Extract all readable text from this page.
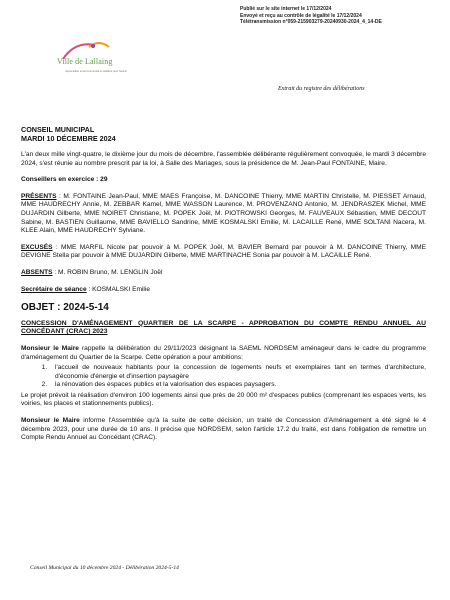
Publié sur le site internet le 17/12/2024
Envoyé et reçu au contrôle de légalité le 17/12/2024
Télétransmission n°059-215903279-20240930-2024_4_14-DE
Ville de Lallaing
responsable environnemental et solidaire pour l'avenir
Extrait du registre des délibérations

CONSEIL MUNICIPAL

MARDI 10 DÉCEMBRE 2024

L'an deux mille vingt-quatre, le dixième jour du mois de décembre, l'assemblée délibérante régulièrement convoquée, le mardi 3 décembre 2024, s'est réunie au nombre prescrit par la loi, à Salle des Mariages, sous la présidence de M. Jean-Paul FONTAINE, Maire.

Conseillers en exercice : 29

PRÉSENTS : M. FONTAINE Jean-Paul, MME MAES Françoise, M. DANCOINE Thierry, MME MARTIN Christelle, M. PIESSET Arnaud, MME HAUDRECHY Annie, M. ZEBBAR Kamel, MME WASSON Laurence, M. PROVENZANO Antonio, M. JENDRASZEK Michel, MME DUJARDIN Gilberte, MME NOIRET Christiane, M. POPEK Joël, M. PIOTROWSKI Georges, M. FAUVEAUX Sébastien, MME DECOUT Sabine, M. BASTIEN Guillaume, MME BAVIELLO Sandrine, MME KOSMALSKI Emilie, M. LACAILLE René, MME SOLTANI Nacera, M. KLEE Alain, MME HAUDRECHY Sylviane.

EXCUSÉS : MME MARFIL Nicole par pouvoir à M. POPEK Joël, M. BAVIER Bernard par pouvoir à M. DANCOINE Thierry, MME DEVIGNE Stella par pouvoir à MME DUJARDIN Gilberte, MME MARTINACHE Sonia par pouvoir à M. LACAILLE René.

ABSENTS : M. ROBIN Bruno, M. LENGLIN Joël

Secrétaire de séance : KOSMALSKI Emilie

OBJET : 2024-5-14

CONCESSION D'AMÉNAGEMENT QUARTIER DE LA SCARPE - APPROBATION DU COMPTE RENDU ANNUEL AU CONCÉDANT (CRAC) 2023

Monsieur le Maire rappelle la délibération du 29/11/2023 désignant la SAEML NORDSEM aménageur dans le cadre du programme d'aménagement du Quartier de la Scarpe. Cette opération a pour ambitions:

1. l'accueil de nouveaux habitants pour la concession de logements neufs et exemplaires tant en termes d'architecture, d'économie d'énergie et d'insertion paysagère
2. la rénovation des espaces publics et la valorisation des espaces paysagers.

Le projet prévoit la réalisation d'environ 100 logements ainsi que près de 20 000 m² d'espaces publics (comprenant les espaces verts, les voiries, les places et stationnements publics).

Monsieur le Maire informe l'Assemblée qu'à la suite de cette décision, un traité de Concession d'Aménagement a été signé le 4 décembre 2023, pour une durée de 10 ans. Il précise que NORDSEM, selon l'article 17.2 du traité, est dans l'obligation de remettre un Compte Rendu Annuel au Concédant (CRAC).

Conseil Municipal du 10 décembre 2024 - Délibération 2024-5-14
